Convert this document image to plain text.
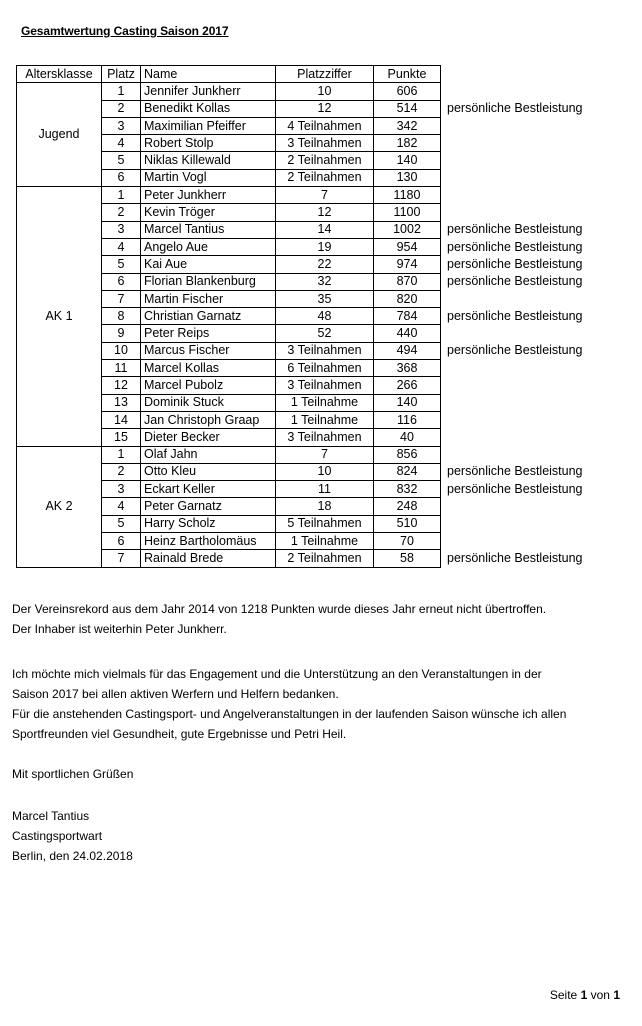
Gesamtwertung Casting Saison 2017
Altersklasse	Platz	Name	Platzziffer	Punkte	
Jugend	1	Jennifer Junkherr	10	606	
	2	Benedikt Kollas	12	514	persönliche Bestleistung
	3	Maximilian Pfeiffer	4 Teilnahmen	342	
	4	Robert Stolp	3 Teilnahmen	182	
	5	Niklas Killewald	2 Teilnahmen	140	
	6	Martin Vogl	2 Teilnahmen	130	
AK 1	1	Peter Junkherr	7	1180	
	2	Kevin Tröger	12	1100	
	3	Marcel Tantius	14	1002	persönliche Bestleistung
	4	Angelo Aue	19	954	persönliche Bestleistung
	5	Kai Aue	22	974	persönliche Bestleistung
	6	Florian Blankenburg	32	870	persönliche Bestleistung
	7	Martin Fischer	35	820	
	8	Christian Garnatz	48	784	persönliche Bestleistung
	9	Peter Reips	52	440	
	10	Marcus Fischer	3 Teilnahmen	494	persönliche Bestleistung
	11	Marcel Kollas	6 Teilnahmen	368	
	12	Marcel Pubolz	3 Teilnahmen	266	
	13	Dominik Stuck	1 Teilnahme	140	
	14	Jan Christoph Graap	1 Teilnahme	116	
	15	Dieter Becker	3 Teilnahmen	40	
AK 2	1	Olaf Jahn	7	856	
	2	Otto Kleu	10	824	persönliche Bestleistung
	3	Eckart Keller	11	832	persönliche Bestleistung
	4	Peter Garnatz	18	248	
	5	Harry Scholz	5 Teilnahmen	510	
	6	Heinz Bartholomäus	1 Teilnahme	70	
	7	Rainald Brede	2 Teilnahmen	58	persönliche Bestleistung
Der Vereinsrekord aus dem Jahr 2014 von 1218 Punkten wurde dieses Jahr erneut nicht übertroffen.
Der Inhaber ist weiterhin Peter Junkherr.
Ich möchte mich vielmals für das Engagement und die Unterstützung an den Veranstaltungen in der
Saison 2017 bei allen aktiven Werfern und Helfern bedanken.
Für die anstehenden Castingsport- und Angelveranstaltungen in der laufenden Saison wünsche ich allen
Sportfreunden viel Gesundheit, gute Ergebnisse und Petri Heil.
Mit sportlichen Grüßen
Marcel Tantius
Castingsportwart
Berlin, den 24.02.2018
Seite 1 von 1
